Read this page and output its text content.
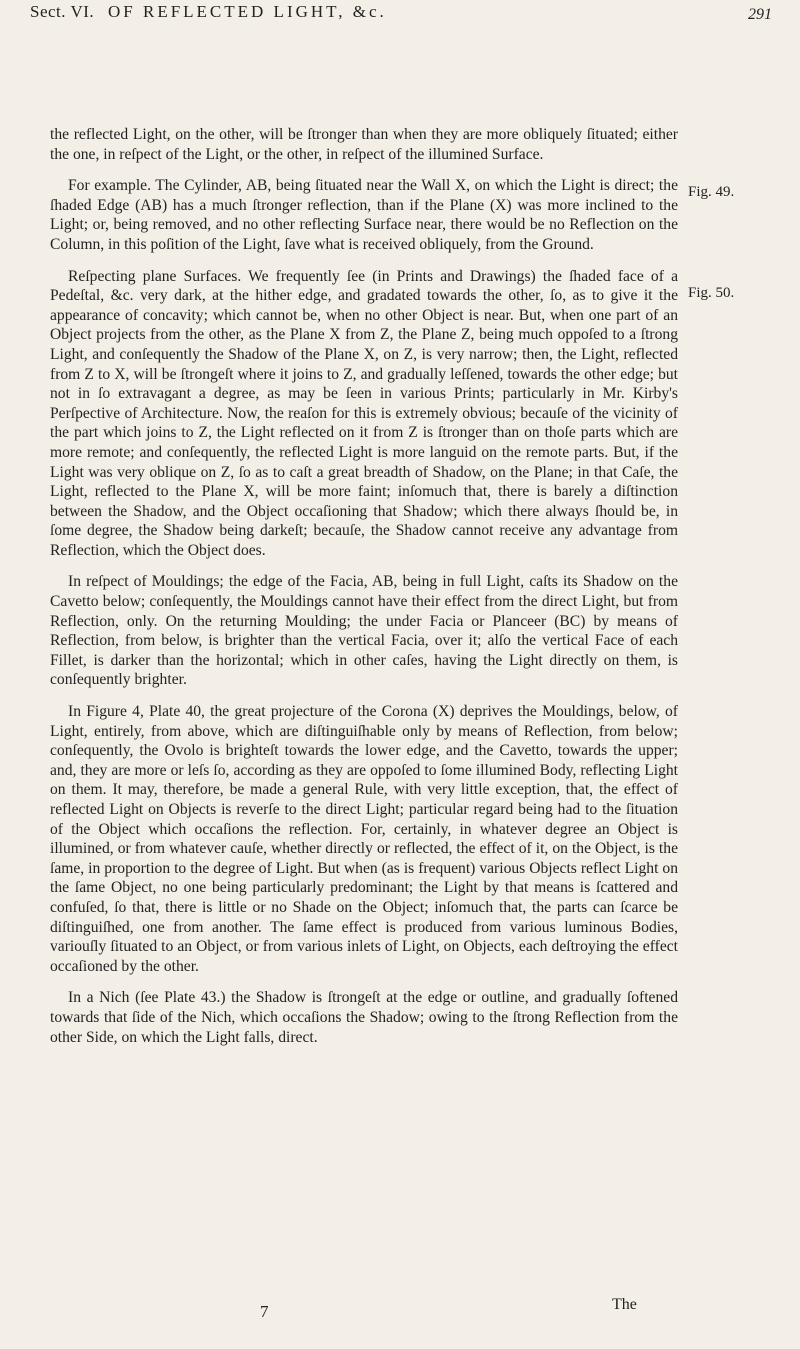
Sect. VI. OF REFLECTED LIGHT, &c.	291
Fig. 49.
Fig. 50.

the reflected Light, on the other, will be ſtronger than when they are more obliquely ſituated; either the one, in reſpect of the Light, or the other, in reſpect of the illumined Surface.

For example. The Cylinder, AB, being ſituated near the Wall X, on which the Light is direct; the ſhaded Edge (AB) has a much ſtronger reflection, than if the Plane (X) was more inclined to the Light; or, being removed, and no other reflecting Surface near, there would be no Reflection on the Column, in this poſition of the Light, ſave what is received obliquely, from the Ground.

Reſpecting plane Surfaces. We frequently ſee (in Prints and Drawings) the ſhaded face of a Pedeſtal, &c. very dark, at the hither edge, and gradated towards the other, ſo, as to give it the appearance of concavity; which cannot be, when no other Object is near. But, when one part of an Object projects from the other, as the Plane X from Z, the Plane Z, being much oppoſed to a ſtrong Light, and conſequently the Shadow of the Plane X, on Z, is very narrow; then, the Light, reflected from Z to X, will be ſtrongeſt where it joins to Z, and gradually leſſened, towards the other edge; but not in ſo extravagant a degree, as may be ſeen in various Prints; particularly in Mr. Kirby's Perſpective of Architecture. Now, the reaſon for this is extremely obvious; becauſe of the vicinity of the part which joins to Z, the Light reflected on it from Z is ſtronger than on thoſe parts which are more remote; and conſequently, the reflected Light is more languid on the remote parts. But, if the Light was very oblique on Z, ſo as to caſt a great breadth of Shadow, on the Plane; in that Caſe, the Light, reflected to the Plane X, will be more faint; inſomuch that, there is barely a diſtinction between the Shadow, and the Object occaſioning that Shadow; which there always ſhould be, in ſome degree, the Shadow being darkeſt; becauſe, the Shadow cannot receive any advantage from Reflection, which the Object does.

In reſpect of Mouldings; the edge of the Facia, AB, being in full Light, caſts its Shadow on the Cavetto below; conſequently, the Mouldings cannot have their effect from the direct Light, but from Reflection, only. On the returning Moulding; the under Facia or Planceer (BC) by means of Reflection, from below, is brighter than the vertical Facia, over it; alſo the vertical Face of each Fillet, is darker than the horizontal; which in other caſes, having the Light directly on them, is conſequently brighter.

In Figure 4, Plate 40, the great projecture of the Corona (X) deprives the Mouldings, below, of Light, entirely, from above, which are diſtinguiſhable only by means of Reflection, from below; conſequently, the Ovolo is brighteſt towards the lower edge, and the Cavetto, towards the upper; and, they are more or leſs ſo, according as they are oppoſed to ſome illumined Body, reflecting Light on them. It may, therefore, be made a general Rule, with very little exception, that, the effect of reflected Light on Objects is reverſe to the direct Light; particular regard being had to the ſituation of the Object which occaſions the reflection. For, certainly, in whatever degree an Object is illumined, or from whatever cauſe, whether directly or reflected, the effect of it, on the Object, is the ſame, in proportion to the degree of Light. But when (as is frequent) various Objects reflect Light on the ſame Object, no one being particularly predominant; the Light by that means is ſcattered and confuſed, ſo that, there is little or no Shade on the Object; inſomuch that, the parts can ſcarce be diſtinguiſhed, one from another. The ſame effect is produced from various luminous Bodies, variouſly ſituated to an Object, or from various inlets of Light, on Objects, each deſtroying the effect occaſioned by the other.

In a Nich (ſee Plate 43.) the Shadow is ſtrongeſt at the edge or outline, and gradually ſoftened towards that ſide of the Nich, which occaſions the Shadow; owing to the ſtrong Reflection from the other Side, on which the Light falls, direct.

7	The
